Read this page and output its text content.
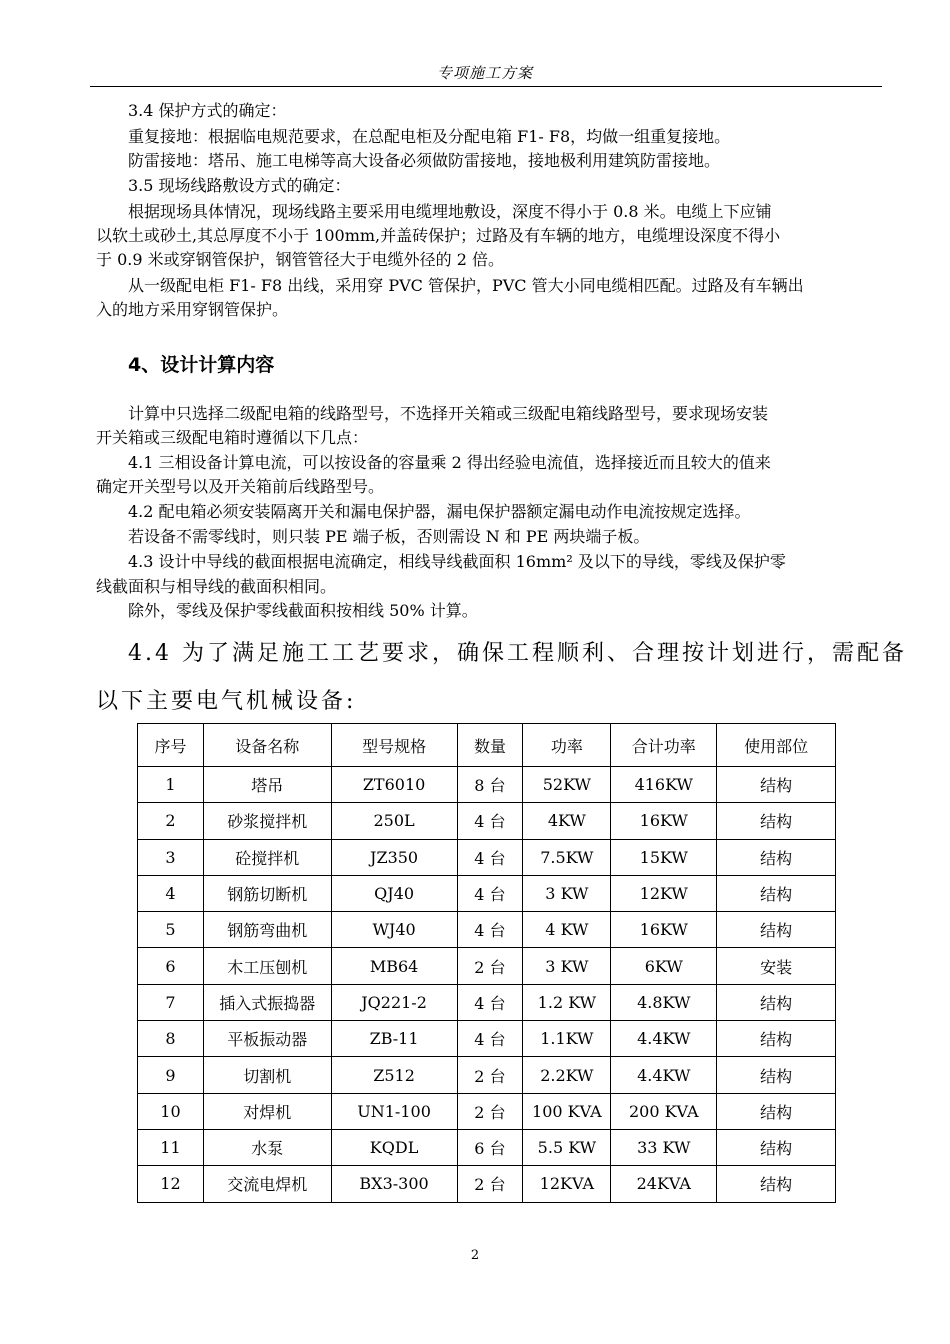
专项施工方案
3.4 保护方式的确定：
重复接地：根据临电规范要求，在总配电柜及分配电箱 F1- F8，均做一组重复接地。
防雷接地：塔吊、施工电梯等高大设备必须做防雷接地，接地极利用建筑防雷接地。
3.5 现场线路敷设方式的确定：
根据现场具体情况，现场线路主要采用电缆埋地敷设，深度不得小于 0.8 米。电缆上下应铺
以软土或砂土,其总厚度不小于 100mm,并盖砖保护；过路及有车辆的地方，电缆埋设深度不得小
于 0.9 米或穿钢管保护，钢管管径大于电缆外径的 2 倍。
从一级配电柜 F1- F8 出线，采用穿 PVC 管保护，PVC 管大小同电缆相匹配。过路及有车辆出
入的地方采用穿钢管保护。
4、设计计算内容
计算中只选择二级配电箱的线路型号，不选择开关箱或三级配电箱线路型号，要求现场安装
开关箱或三级配电箱时遵循以下几点：
4.1 三相设备计算电流，可以按设备的容量乘 2 得出经验电流值，选择接近而且较大的值来
确定开关型号以及开关箱前后线路型号。
4.2 配电箱必须安装隔离开关和漏电保护器，漏电保护器额定漏电动作电流按规定选择。
若设备不需零线时，则只装 PE 端子板，否则需设 N 和 PE 两块端子板。
4.3 设计中导线的截面根据电流确定，相线导线截面积 16mm² 及以下的导线，零线及保护零
线截面积与相导线的截面积相同。
除外，零线及保护零线截面积按相线 50% 计算。
4.4 为了满足施工工艺要求，确保工程顺利、合理按计划进行，需配备
以下主要电气机械设备:
序号	设备名称	型号规格	数量	功率	合计功率	使用部位
1	塔吊	ZT6010	8 台	52KW	416KW	结构
2	砂浆搅拌机	250L	4 台	4KW	16KW	结构
3	砼搅拌机	JZ350	4 台	7.5KW	15KW	结构
4	钢筋切断机	QJ40	4 台	3 KW	12KW	结构
5	钢筋弯曲机	WJ40	4 台	4 KW	16KW	结构
6	木工压刨机	MB64	2 台	3 KW	6KW	安装
7	插入式振捣器	JQ221-2	4 台	1.2 KW	4.8KW	结构
8	平板振动器	ZB-11	4 台	1.1KW	4.4KW	结构
9	切割机	Z512	2 台	2.2KW	4.4KW	结构
10	对焊机	UN1-100	2 台	100 KVA	200 KVA	结构
11	水泵	KQDL	6 台	5.5 KW	33 KW	结构
12	交流电焊机	BX3-300	2 台	12KVA	24KVA	结构
2
